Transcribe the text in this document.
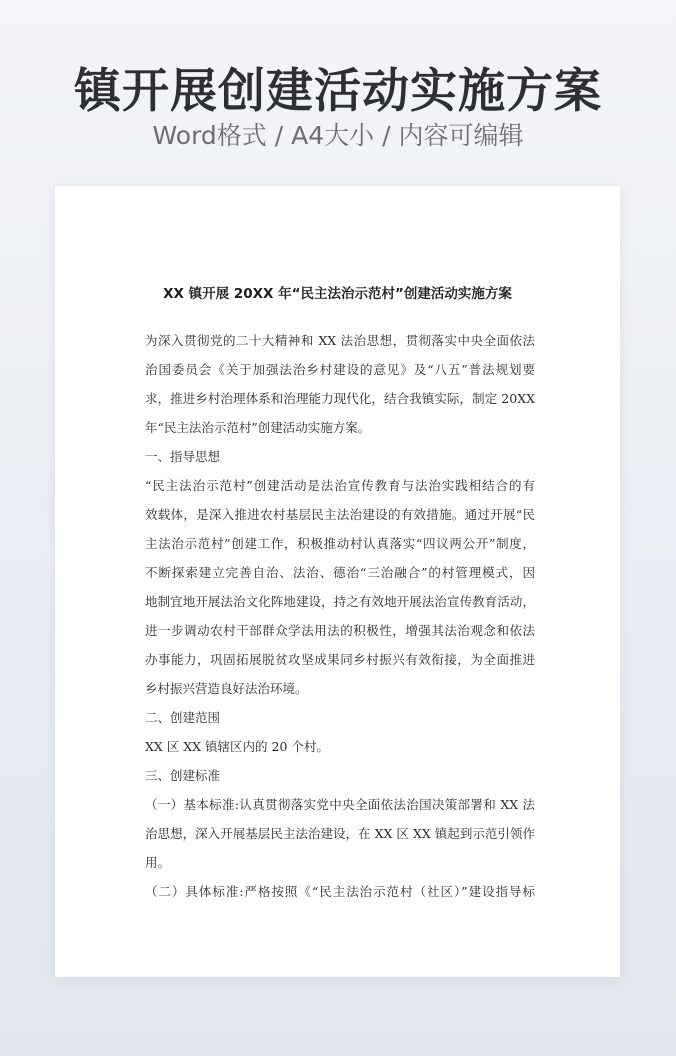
镇开展创建活动实施方案
Word格式 / A4大小 / 内容可编辑
XX 镇开展 20XX 年“民主法治示范村”创建活动实施方案
为深入贯彻党的二十大精神和 XX 法治思想，贯彻落实中央全面依法
治国委员会《关于加强法治乡村建设的意见》及“八五”普法规划要
求，推进乡村治理体系和治理能力现代化，结合我镇实际，制定 20XX
年“民主法治示范村”创建活动实施方案。
一、指导思想
“民主法治示范村”创建活动是法治宣传教育与法治实践相结合的有
效载体，是深入推进农村基层民主法治建设的有效措施。通过开展“民
主法治示范村”创建工作，积极推动村认真落实“四议两公开”制度，
不断探索建立完善自治、法治、德治“三治融合”的村管理模式，因
地制宜地开展法治文化阵地建设，持之有效地开展法治宣传教育活动，
进一步调动农村干部群众学法用法的积极性，增强其法治观念和依法
办事能力，巩固拓展脱贫攻坚成果同乡村振兴有效衔接，为全面推进
乡村振兴营造良好法治环境。
二、创建范围
XX 区 XX 镇辖区内的 20 个村。
三、创建标准
（一）基本标准:认真贯彻落实党中央全面依法治国决策部署和 XX 法
治思想，深入开展基层民主法治建设，在 XX 区 XX 镇起到示范引领作
用。
（二）具体标准:严格按照《“民主法治示范村（社区）”建设指导标
